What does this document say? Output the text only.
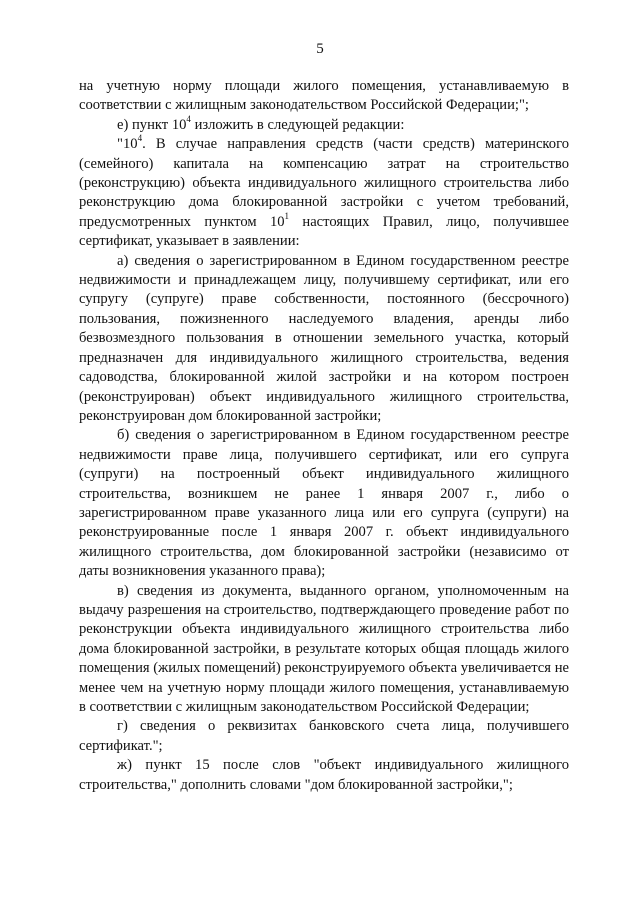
5

на учетную норму площади жилого помещения, устанавливаемую в соответствии с жилищным законодательством Российской Федерации;";

е) пункт $10^4$ изложить в следующей редакции:

"$10^4$. В случае направления средств (части средств) материнского (семейного) капитала на компенсацию затрат на строительство (реконструкцию) объекта индивидуального жилищного строительства либо реконструкцию дома блокированной застройки с учетом требований, предусмотренных пунктом $10^1$ настоящих Правил, лицо, получившее сертификат, указывает в заявлении:

а) сведения о зарегистрированном в Едином государственном реестре недвижимости и принадлежащем лицу, получившему сертификат, или его супругу (супруге) праве собственности, постоянного (бессрочного) пользования, пожизненного наследуемого владения, аренды либо безвозмездного пользования в отношении земельного участка, который предназначен для индивидуального жилищного строительства, ведения садоводства, блокированной жилой застройки и на котором построен (реконструирован) объект индивидуального жилищного строительства, реконструирован дом блокированной застройки;

б) сведения о зарегистрированном в Едином государственном реестре недвижимости праве лица, получившего сертификат, или его супруга (супруги) на построенный объект индивидуального жилищного строительства, возникшем не ранее 1 января 2007 г., либо о зарегистрированном праве указанного лица или его супруга (супруги) на реконструированные после 1 января 2007 г. объект индивидуального жилищного строительства, дом блокированной застройки (независимо от даты возникновения указанного права);

в) сведения из документа, выданного органом, уполномоченным на выдачу разрешения на строительство, подтверждающего проведение работ по реконструкции объекта индивидуального жилищного строительства либо дома блокированной застройки, в результате которых общая площадь жилого помещения (жилых помещений) реконструируемого объекта увеличивается не менее чем на учетную норму площади жилого помещения, устанавливаемую в соответствии с жилищным законодательством Российской Федерации;

г) сведения о реквизитах банковского счета лица, получившего сертификат.";

ж) пункт 15 после слов "объект индивидуального жилищного строительства," дополнить словами "дом блокированной застройки,";
